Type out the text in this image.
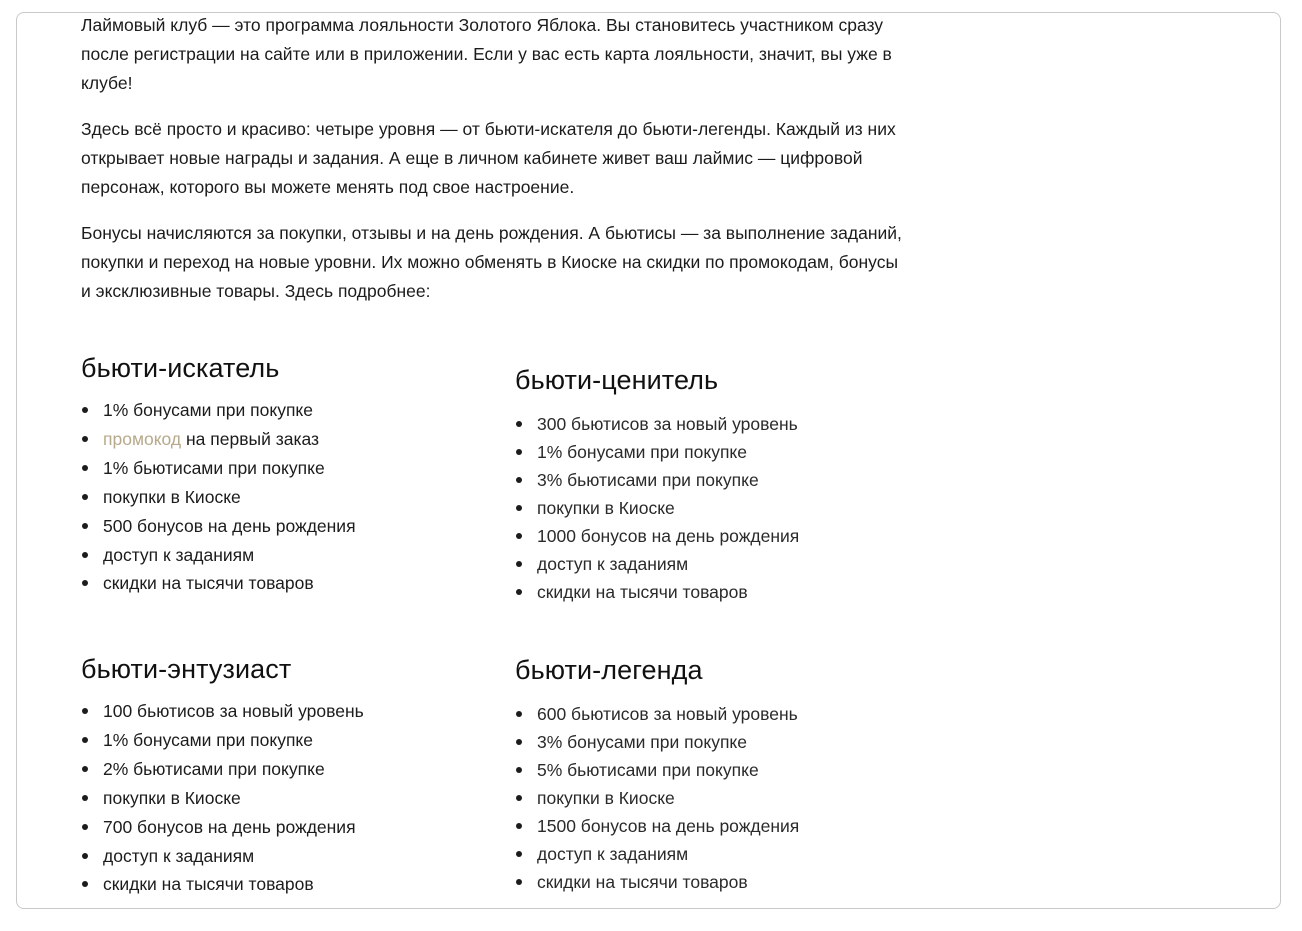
Лаймовый клуб — это программа лояльности Золотого Яблока. Вы становитесь участником сразу после регистрации на сайте или в приложении. Если у вас есть карта лояльности, значит, вы уже в клубе!

Здесь всё просто и красиво: четыре уровня — от бьюти-искателя до бьюти-легенды. Каждый из них открывает новые награды и задания. А еще в личном кабинете живет ваш лаймис — цифровой персонаж, которого вы можете менять под свое настроение.

Бонусы начисляются за покупки, отзывы и на день рождения. А бьютисы — за выполнение заданий, покупки и переход на новые уровни. Их можно обменять в Киоске на скидки по промокодам, бонусы и эксклюзивные товары. Здесь подробнее:

бьюти-искатель
1% бонусами при покупке
промокод на первый заказ
1% бьютисами при покупке
покупки в Киоске
500 бонусов на день рождения
доступ к заданиям
скидки на тысячи товаров
бьюти-ценитель
300 бьютисов за новый уровень
1% бонусами при покупке
3% бьютисами при покупке
покупки в Киоске
1000 бонусов на день рождения
доступ к заданиям
скидки на тысячи товаров
бьюти-энтузиаст
100 бьютисов за новый уровень
1% бонусами при покупке
2% бьютисами при покупке
покупки в Киоске
700 бонусов на день рождения
доступ к заданиям
скидки на тысячи товаров
бьюти-легенда
600 бьютисов за новый уровень
3% бонусами при покупке
5% бьютисами при покупке
покупки в Киоске
1500 бонусов на день рождения
доступ к заданиям
скидки на тысячи товаров
